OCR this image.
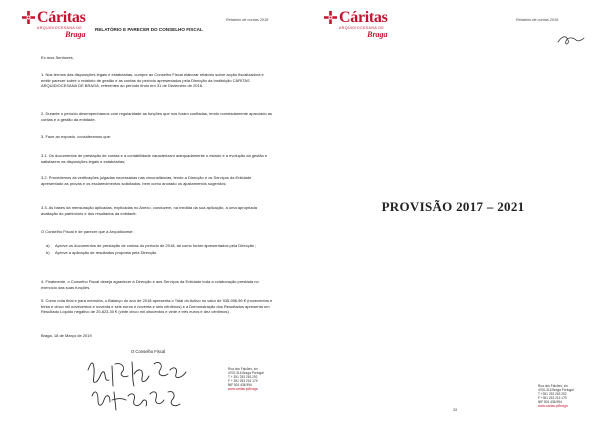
Cáritas
ARQUIDIOCESANA DE
Braga
Relatório de contas 2018
RELATÓRIO E PARECER DO CONSELHO FISCAL
Ex.mos Senhores,
1. Nos termos das disposições legais e estatutárias, cumpre ao Conselho Fiscal elaborar relatório sobre acção fiscalizadora e emitir parecer sobre o relatório de gestão e as contas do período apresentados pela Direcção da Instituição CÁRITAS ARQUIDIOCESANA DE BRAGA, referentes ao período findo em 31 de Dezembro de 2018.
2. Durante o período desempenhamos com regularidade as funções que nos foram confiadas, tendo nomeadamente apreciado as contas e a gestão da entidade.
3. Face ao exposto, consideramos que:
3.1. Os documentos de prestação de contas e a contabilidade caracterizam adequadamente o estado e a evolução da gestão e satisfazem as disposições legais e estatutárias;
3.2. Procedemos às verificações julgadas necessárias nas circunstâncias, tendo a Direcção e os Serviços da Entidade apresentado as provas e os esclarecimentos solicitados, bem como anotado os ajustamentos sugeridos;
3.3. As bases da mensuração aplicadas, explicadas no Anexo, conduzem, na medida da sua aplicação, a uma apropriada avaliação do património e dos resultados da entidade.
O Conselho Fiscal é de parecer que a Arquidiocese:
a) Aprove os documentos de prestação de contas do período de 2018, tal como foram apresentados pela Direcção ;
b) Aprove a aplicação de resultados proposta pela Direcção
4. Finalmente, o Conselho Fiscal deseja agradecer à Direcção e aos Serviços da Entidade toda a colaboração prestada no exercício das suas funções.
5. Como nota final e para memória, o Balanço do ano de 2018 apresenta o Total do Activo no valor de 935.996,96 € (novecentos e trinta e cinco mil novecentos e noventa e seis euros e noventa e seis cêntimos) e a Demonstração dos Resultados apresenta um Resultado Líquido negativo de 25.823,30 € (vinte cinco mil oitocentos e vinte e três euros e dez cêntimos).
Braga, 18 de Março de 2019
O Conselho Fiscal
Rua dos Falcões, s/n
4700-316 Braga Portugal
T + 351 253 263 292
F + 351 253 215 179
NIF 501 436 994
www.caritas.pt/braga
Cáritas
ARQUIDIOCESANA DE
Braga
Relatório de contas 2018
PROVISÃO 2017 – 2021
33
Rua dos Falcões, s/n
4700-316 Braga Portugal
T +351 253 263 292
F +351 253 215 179
NIF 501 436 994
www.caritas.pt/braga
